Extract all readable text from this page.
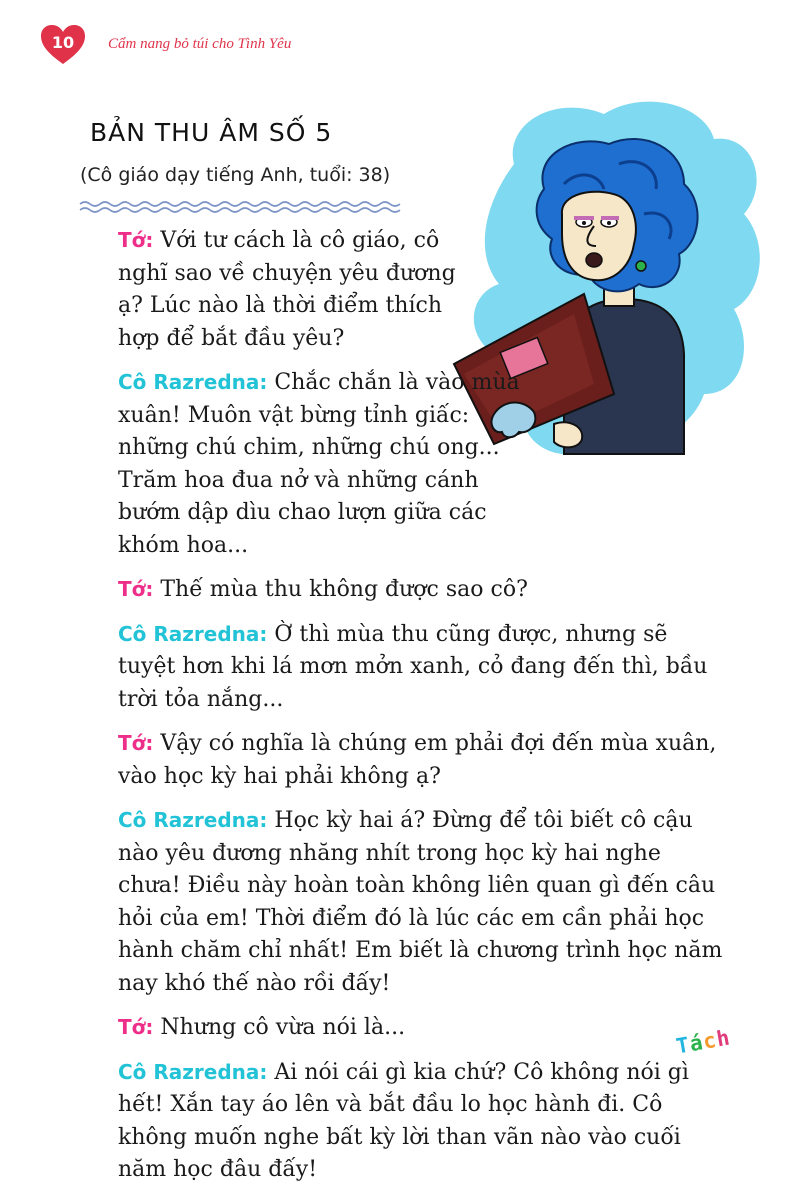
10	Cẩm nang bỏ túi cho Tình Yêu
BẢN THU ÂM SỐ 5
(Cô giáo dạy tiếng Anh, tuổi: 38)

Tớ: Với tư cách là cô giáo, cô nghĩ sao về chuyện yêu đương ạ? Lúc nào là thời điểm thích hợp để bắt đầu yêu?

Cô Razredna: Chắc chắn là vào mùa xuân! Muôn vật bừng tỉnh giấc: những chú chim, những chú ong... Trăm hoa đua nở và những cánh bướm dập dìu chao lượn giữa các khóm hoa...

Tớ: Thế mùa thu không được sao cô?

Cô Razredna: Ờ thì mùa thu cũng được, nhưng sẽ tuyệt hơn khi lá mơn mởn xanh, cỏ đang đến thì, bầu trời tỏa nắng...

Tớ: Vậy có nghĩa là chúng em phải đợi đến mùa xuân, vào học kỳ hai phải không ạ?

Cô Razredna: Học kỳ hai á? Đừng để tôi biết cô cậu nào yêu đương nhăng nhít trong học kỳ hai nghe chưa! Điều này hoàn toàn không liên quan gì đến câu hỏi của em! Thời điểm đó là lúc các em cần phải học hành chăm chỉ nhất! Em biết là chương trình học năm nay khó thế nào rồi đấy!

Tớ: Nhưng cô vừa nói là...

Cô Razredna: Ai nói cái gì kia chứ? Cô không nói gì hết! Xắn tay áo lên và bắt đầu lo học hành đi. Cô không muốn nghe bất kỳ lời than vãn nào vào cuối năm học đâu đấy!

Tách
